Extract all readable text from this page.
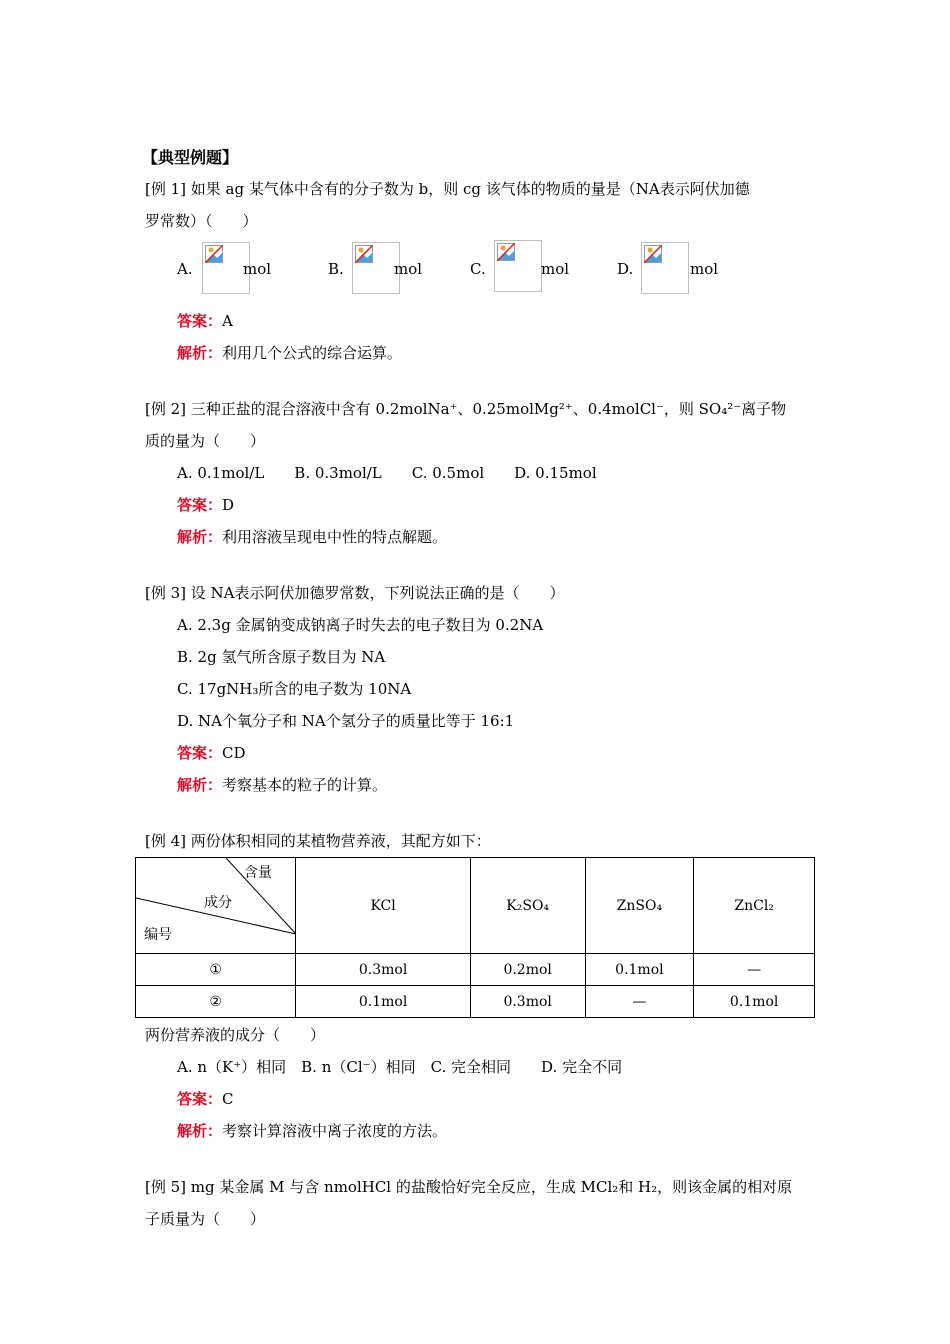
【典型例题】
[例 1] 如果 ag 某气体中含有的分子数为 b，则 cg 该气体的物质的量是（NA表示阿伏加德
罗常数）（　　）
A.	mol	B.	mol	C.	mol	D.	mol
答案：A
解析：利用几个公式的综合运算。
[例 2] 三种正盐的混合溶液中含有 0.2molNa⁺、0.25molMg²⁺、0.4molCl⁻，则 SO₄²⁻离子物
质的量为（　　）
A. 0.1mol/L　　B. 0.3mol/L　　C. 0.5mol　　D. 0.15mol
答案：D
解析：利用溶液呈现电中性的特点解题。
[例 3] 设 NA表示阿伏加德罗常数，下列说法正确的是（　　）
A. 2.3g 金属钠变成钠离子时失去的电子数目为 0.2NA
B. 2g 氢气所含原子数目为 NA
C. 17gNH₃所含的电子数为 10NA
D. NA个氧分子和 NA个氢分子的质量比等于 16:1
答案：CD
解析：考察基本的粒子的计算。
[例 4] 两份体积相同的某植物营养液，其配方如下：
含量
成分
编号	KCl	K₂SO₄	ZnSO₄	ZnCl₂
①	0.3mol	0.2mol	0.1mol	—
②	0.1mol	0.3mol	—	0.1mol
两份营养液的成分（　　）
A. n（K⁺）相同　B. n（Cl⁻）相同　C. 完全相同　　D. 完全不同
答案：C
解析：考察计算溶液中离子浓度的方法。
[例 5] mg 某金属 M 与含 nmolHCl 的盐酸恰好完全反应，生成 MCl₂和 H₂，则该金属的相对原
子质量为（　　）
